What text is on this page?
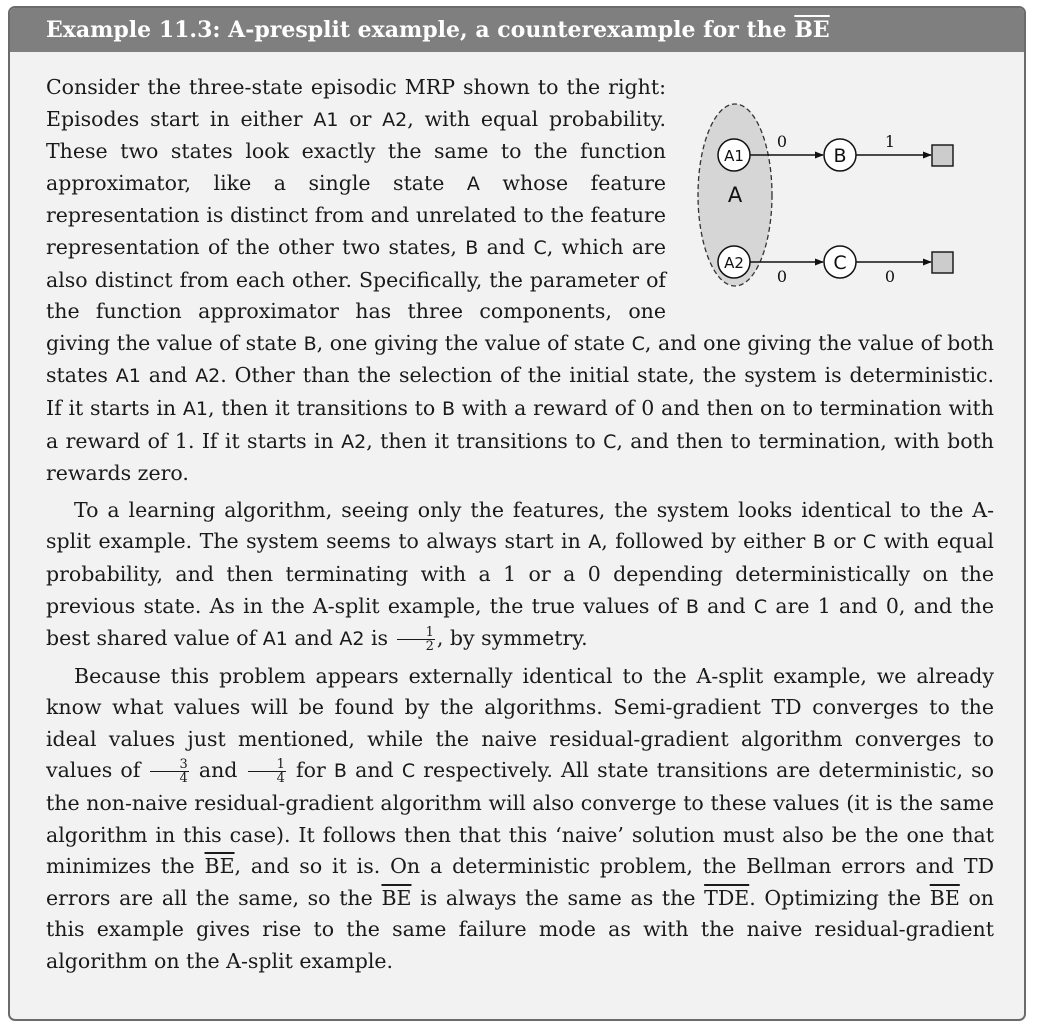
Example 11.3: A-presplit example, a counterexample for the $\overline{BE}$
A
A1
A2
B
C
0	1
0	0

Consider the three-state episodic MRP shown to the right: Episodes start in either A1 or A2, with equal probability. These two states look exactly the same to the function approximator, like a single state A whose feature representation is distinct from and unrelated to the feature representation of the other two states, B and C, which are also distinct from each other. Specifically, the parameter of the function approximator has three components, one giving the value of state B, one giving the value of state C, and one giving the value of both states A1 and A2. Other than the selection of the initial state, the system is deterministic. If it starts in A1, then it transitions to B with a reward of 0 and then on to termination with a reward of 1. If it starts in A2, then it transitions to C, and then to termination, with both rewards zero.

To a learning algorithm, seeing only the features, the system looks identical to the A-split example. The system seems to always start in A, followed by either B or C with equal probability, and then terminating with a 1 or a 0 depending deterministically on the previous state. As in the A-split example, the true values of B and C are 1 and 0, and the best shared value of A1 and A2 is $\frac{1}{2}$ , by symmetry.

Because this problem appears externally identical to the A-split example, we already know what values will be found by the algorithms. Semi-gradient TD converges to the ideal values just mentioned, while the naive residual-gradient algorithm converges to values of $\frac{3}{4}$ and $\frac{1}{4}$ for B and C respectively. All state transitions are deterministic, so the non-naive residual-gradient algorithm will also converge to these values (it is the same algorithm in this case). It follows then that this ‘naive’ solution must also be the one that minimizes the $\overline{BE}$, and so it is. On a deterministic problem, the Bellman errors and TD errors are all the same, so the $\overline{BE}$ is always the same as the $\overline{TDE}$. Optimizing the $\overline{BE}$ on this example gives rise to the same failure mode as with the naive residual-gradient algorithm on the A-split example.
